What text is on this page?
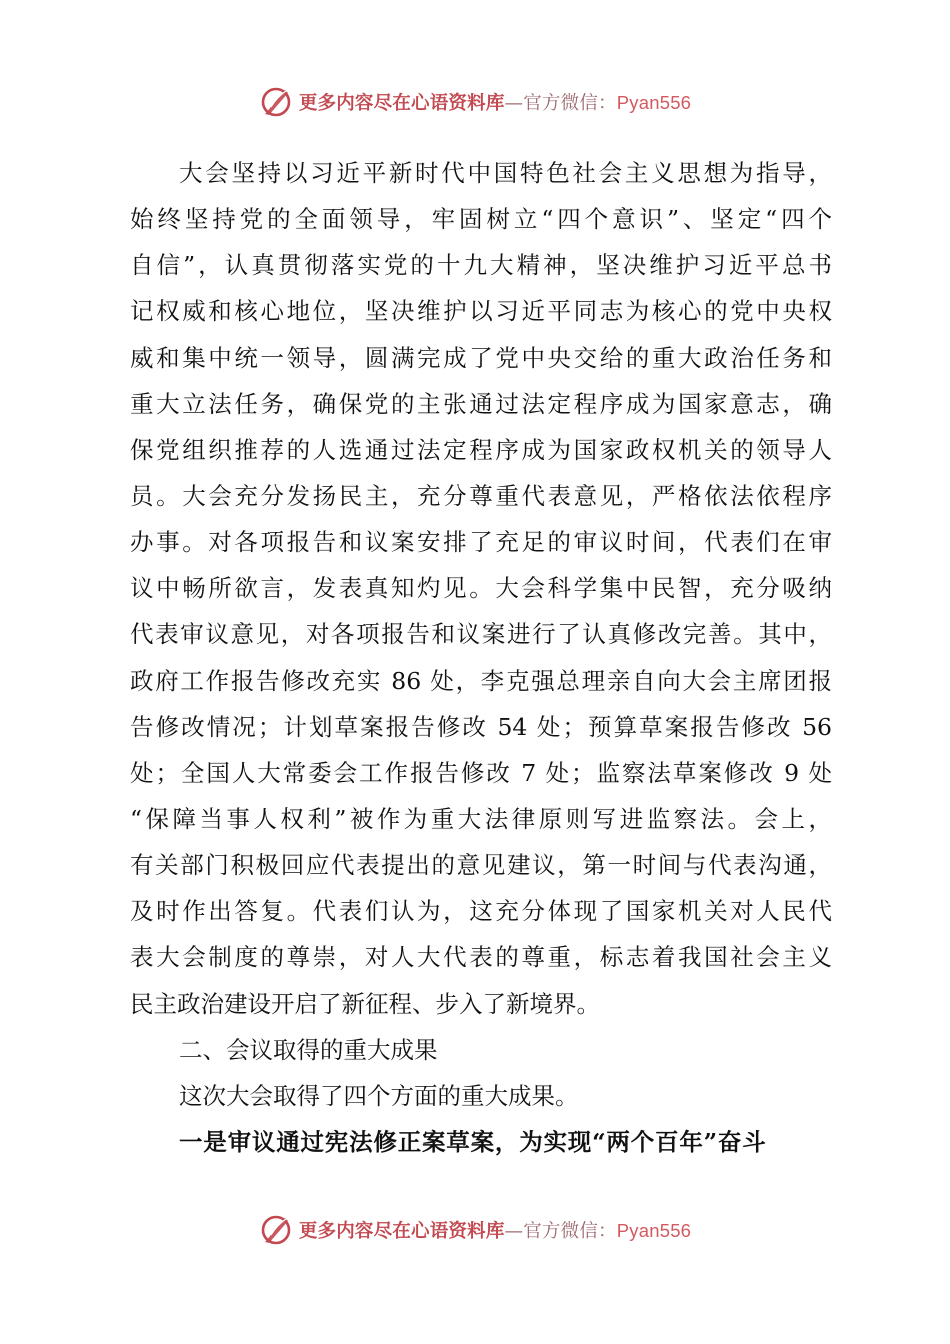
更多内容尽在心语资料库—官方微信：Pyan556
大会坚持以习近平新时代中国特色社会主义思想为指导，
始终坚持党的全面领导，牢固树立“四个意识”、坚定“四个
自信”，认真贯彻落实党的十九大精神，坚决维护习近平总书
记权威和核心地位，坚决维护以习近平同志为核心的党中央权
威和集中统一领导，圆满完成了党中央交给的重大政治任务和
重大立法任务，确保党的主张通过法定程序成为国家意志，确
保党组织推荐的人选通过法定程序成为国家政权机关的领导人
员。大会充分发扬民主，充分尊重代表意见，严格依法依程序
办事。对各项报告和议案安排了充足的审议时间，代表们在审
议中畅所欲言，发表真知灼见。大会科学集中民智，充分吸纳
代表审议意见，对各项报告和议案进行了认真修改完善。其中，
政府工作报告修改充实 86 处，李克强总理亲自向大会主席团报
告修改情况；计划草案报告修改 54 处；预算草案报告修改 56
处；全国人大常委会工作报告修改 7 处；监察法草案修改 9 处
“保障当事人权利”被作为重大法律原则写进监察法。会上，
有关部门积极回应代表提出的意见建议，第一时间与代表沟通，
及时作出答复。代表们认为，这充分体现了国家机关对人民代
表大会制度的尊崇，对人大代表的尊重，标志着我国社会主义
民主政治建设开启了新征程、步入了新境界。
二、会议取得的重大成果
这次大会取得了四个方面的重大成果。
一是审议通过宪法修正案草案，为实现“两个百年”奋斗
更多内容尽在心语资料库—官方微信：Pyan556
